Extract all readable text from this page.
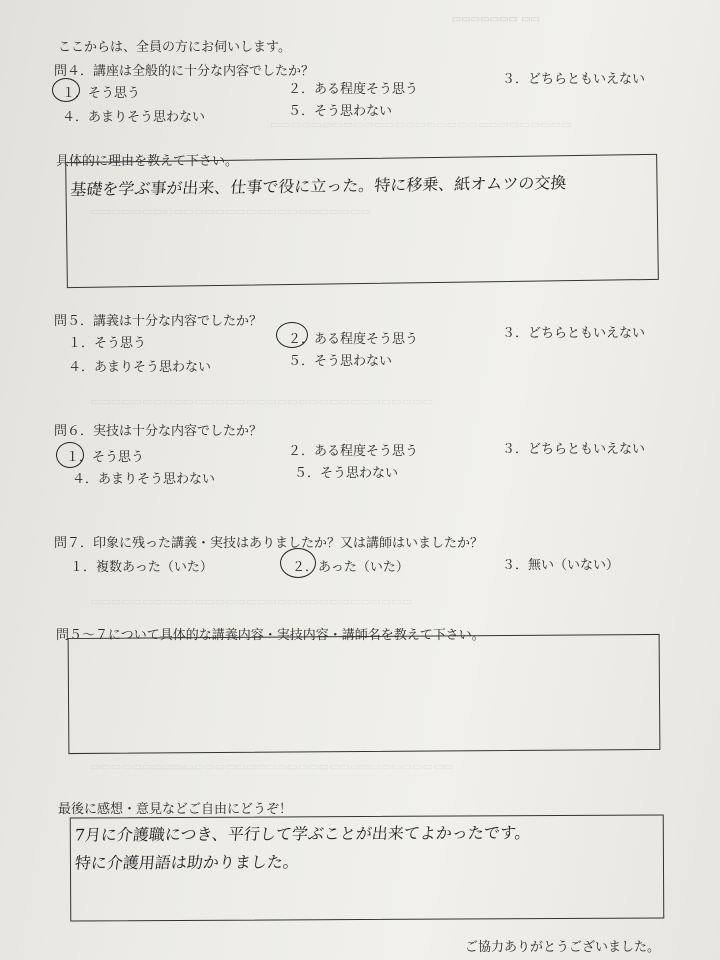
▭▭▭▭▭▭▭ ▭▭
▭▭▭▭▭▭▭▭▭▭▭▭▭▭▭▭▭▭▭▭▭▭▭▭▭▭▭▭▭
▭▭▭▭▭▭▭▭▭▭▭▭▭▭▭▭▭▭▭▭▭▭▭▭▭▭▭
▭▭▭▭▭▭▭▭▭▭▭▭▭▭▭▭▭▭▭▭▭▭▭▭▭▭▭▭▭▭▭▭▭
▭▭▭▭▭▭▭▭▭▭▭▭▭▭▭▭▭▭▭▭▭▭▭▭▭▭▭▭▭▭▭
▭▭▭▭▭▭▭▭▭▭▭▭▭▭▭▭▭▭▭▭▭▭▭▭▭▭▭▭▭▭▭▭▭▭▭
ここからは、全員の方にお伺いします。
問４．講座は全般的に十分な内容でしたか？
１．そう思う	２．ある程度そう思う
３．どちらともいえない
４．あまりそう思わない	５．そう思わない
具体的に理由を教えて下さい。
基礎を学ぶ事が出来、仕事で役に立った。特に移乗、紙オムツの交換
問５．講義は十分な内容でしたか？
１．そう思う	２．ある程度そう思う	３．どちらともいえない
４．あまりそう思わない	５．そう思わない
問６．実技は十分な内容でしたか？
１．そう思う	２．ある程度そう思う	３．どちらともいえない
４．あまりそう思わない	５．そう思わない
問７．印象に残った講義・実技はありましたか？又は講師はいましたか？
１．複数あった（いた）	２．あった（いた）	３．無い（いない）
問５～７について具体的な講義内容・実技内容・講師名を教えて下さい。
最後に感想・意見などご自由にどうぞ！
7月に介護職につき、平行して学ぶことが出来てよかったです。
特に介護用語は助かりました。
ご協力ありがとうございました。
